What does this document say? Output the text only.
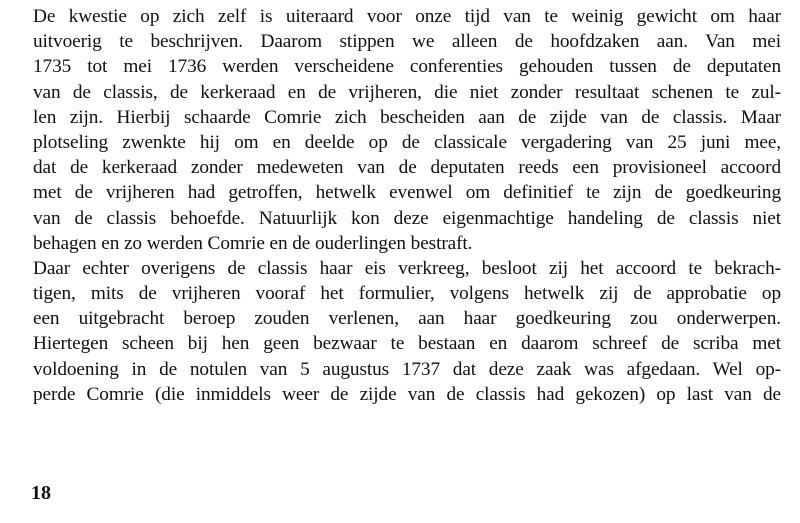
De kwestie op zich zelf is uiteraard voor onze tijd van te weinig gewicht om haar
uitvoerig te beschrijven. Daarom stippen we alleen de hoofdzaken aan. Van mei
1735 tot mei 1736 werden verscheidene conferenties gehouden tussen de deputaten
van de classis, de kerkeraad en de vrijheren, die niet zonder resultaat schenen te zul-
len zijn. Hierbij schaarde Comrie zich bescheiden aan de zijde van de classis. Maar
plotseling zwenkte hij om en deelde op de classicale vergadering van 25 juni mee,
dat de kerkeraad zonder medeweten van de deputaten reeds een provisioneel accoord
met de vrijheren had getroffen, hetwelk evenwel om definitief te zijn de goedkeuring
van de classis behoefde. Natuurlijk kon deze eigenmachtige handeling de classis niet
behagen en zo werden Comrie en de ouderlingen bestraft.
Daar echter overigens de classis haar eis verkreeg, besloot zij het accoord te bekrach-
tigen, mits de vrijheren vooraf het formulier, volgens hetwelk zij de approbatie op
een uitgebracht beroep zouden verlenen, aan haar goedkeuring zou onderwerpen.
Hiertegen scheen bij hen geen bezwaar te bestaan en daarom schreef de scriba met
voldoening in de notulen van 5 augustus 1737 dat deze zaak was afgedaan. Wel op-
perde Comrie (die inmiddels weer de zijde van de classis had gekozen) op last van de
18
